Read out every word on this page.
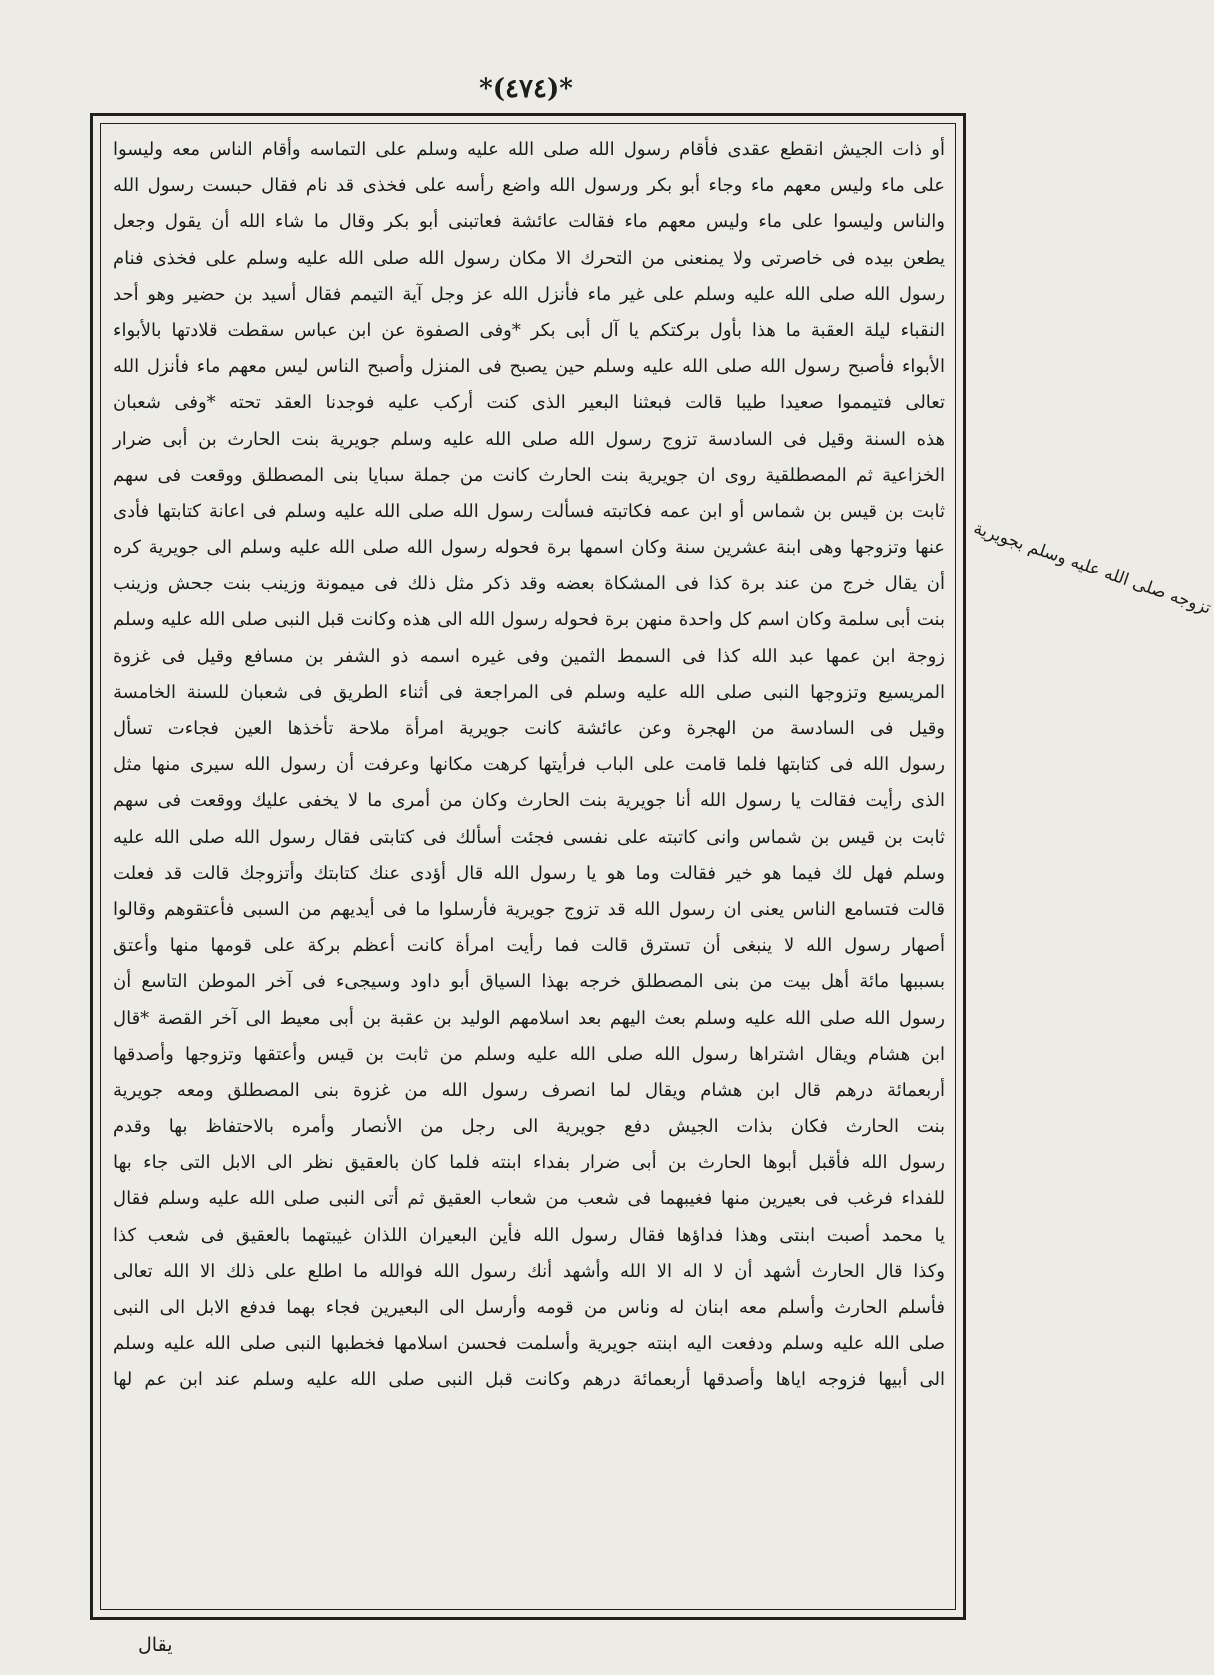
*(٤٧٤)*
أو ذات الجيش انقطع عقدى فأقام رسول الله صلى الله عليه وسلم على التماسه وأقام الناس معه وليسوا
على ماء وليس معهم ماء وجاء أبو بكر ورسول الله واضع رأسه على فخذى قد نام فقال حبست رسول الله
والناس وليسوا على ماء وليس معهم ماء فقالت عائشة فعاتبنى أبو بكر وقال ما شاء الله أن يقول وجعل
يطعن بيده فى خاصرتى ولا يمنعنى من التحرك الا مكان رسول الله صلى الله عليه وسلم على فخذى فنام
رسول الله صلى الله عليه وسلم على غير ماء فأنزل الله عز وجل آية التيمم فقال أسيد بن حضير وهو أحد
النقباء ليلة العقبة ما هذا بأول بركتكم يا آل أبى بكر *وفى الصفوة عن ابن عباس سقطت قلادتها بالأبواء
الأبواء فأصبح رسول الله صلى الله عليه وسلم حين يصبح فى المنزل وأصبح الناس ليس معهم ماء فأنزل الله
تعالى فتيمموا صعيدا طيبا قالت فبعثنا البعير الذى كنت أركب عليه فوجدنا العقد تحته *وفى شعبان
هذه السنة وقيل فى السادسة تزوج رسول الله صلى الله عليه وسلم جويرية بنت الحارث بن أبى ضرار
الخزاعية ثم المصطلقية روى ان جويرية بنت الحارث كانت من جملة سبايا بنى المصطلق ووقعت فى سهم
ثابت بن قيس بن شماس أو ابن عمه فكاتبته فسألت رسول الله صلى الله عليه وسلم فى اعانة كتابتها فأدى
عنها وتزوجها وهى ابنة عشرين سنة وكان اسمها برة فحوله رسول الله صلى الله عليه وسلم الى جويرية كره
أن يقال خرج من عند برة كذا فى المشكاة بعضه وقد ذكر مثل ذلك فى ميمونة وزينب بنت جحش وزينب
بنت أبى سلمة وكان اسم كل واحدة منهن برة فحوله رسول الله الى هذه وكانت قبل النبى صلى الله عليه وسلم
زوجة ابن عمها عبد الله كذا فى السمط الثمين وفى غيره اسمه ذو الشفر بن مسافع وقيل فى غزوة
المريسيع وتزوجها النبى صلى الله عليه وسلم فى المراجعة فى أثناء الطريق فى شعبان للسنة الخامسة
وقيل فى السادسة من الهجرة وعن عائشة كانت جويرية امرأة ملاحة تأخذها العين فجاءت تسأل
رسول الله فى كتابتها فلما قامت على الباب فرأيتها كرهت مكانها وعرفت أن رسول الله سيرى منها مثل
الذى رأيت فقالت يا رسول الله أنا جويرية بنت الحارث وكان من أمرى ما لا يخفى عليك ووقعت فى سهم
ثابت بن قيس بن شماس وانى كاتبته على نفسى فجئت أسألك فى كتابتى فقال رسول الله صلى الله عليه
وسلم فهل لك فيما هو خير فقالت وما هو يا رسول الله قال أؤدى عنك كتابتك وأتزوجك قالت قد فعلت
قالت فتسامع الناس يعنى ان رسول الله قد تزوج جويرية فأرسلوا ما فى أيديهم من السبى فأعتقوهم وقالوا
أصهار رسول الله لا ينبغى أن تسترق قالت فما رأيت امرأة كانت أعظم بركة على قومها منها وأعتق
بسببها مائة أهل بيت من بنى المصطلق خرجه بهذا السياق أبو داود وسيجىء فى آخر الموطن التاسع أن
رسول الله صلى الله عليه وسلم بعث اليهم بعد اسلامهم الوليد بن عقبة بن أبى معيط الى آخر القصة *قال
ابن هشام ويقال اشتراها رسول الله صلى الله عليه وسلم من ثابت بن قيس وأعتقها وتزوجها وأصدقها
أربعمائة درهم قال ابن هشام ويقال لما انصرف رسول الله من غزوة بنى المصطلق ومعه جويرية
بنت الحارث فكان بذات الجيش دفع جويرية الى رجل من الأنصار وأمره بالاحتفاظ بها وقدم
رسول الله فأقبل أبوها الحارث بن أبى ضرار بفداء ابنته فلما كان بالعقيق نظر الى الابل التى جاء بها
للفداء فرغب فى بعيرين منها فغيبهما فى شعب من شعاب العقيق ثم أتى النبى صلى الله عليه وسلم فقال
يا محمد أصبت ابنتى وهذا فداؤها فقال رسول الله فأين البعيران اللذان غيبتهما بالعقيق فى شعب كذا
وكذا قال الحارث أشهد أن لا اله الا الله وأشهد أنك رسول الله فوالله ما اطلع على ذلك الا الله تعالى
فأسلم الحارث وأسلم معه ابنان له وناس من قومه وأرسل الى البعيرين فجاء بهما فدفع الابل الى النبى
صلى الله عليه وسلم ودفعت اليه ابنته جويرية وأسلمت فحسن اسلامها فخطبها النبى صلى الله عليه وسلم
الى أبيها فزوجه اياها وأصدقها أربعمائة درهم وكانت قبل النبى صلى الله عليه وسلم عند ابن عم لها
تزوجه صلى الله عليه وسلم بجويرية
يقال
